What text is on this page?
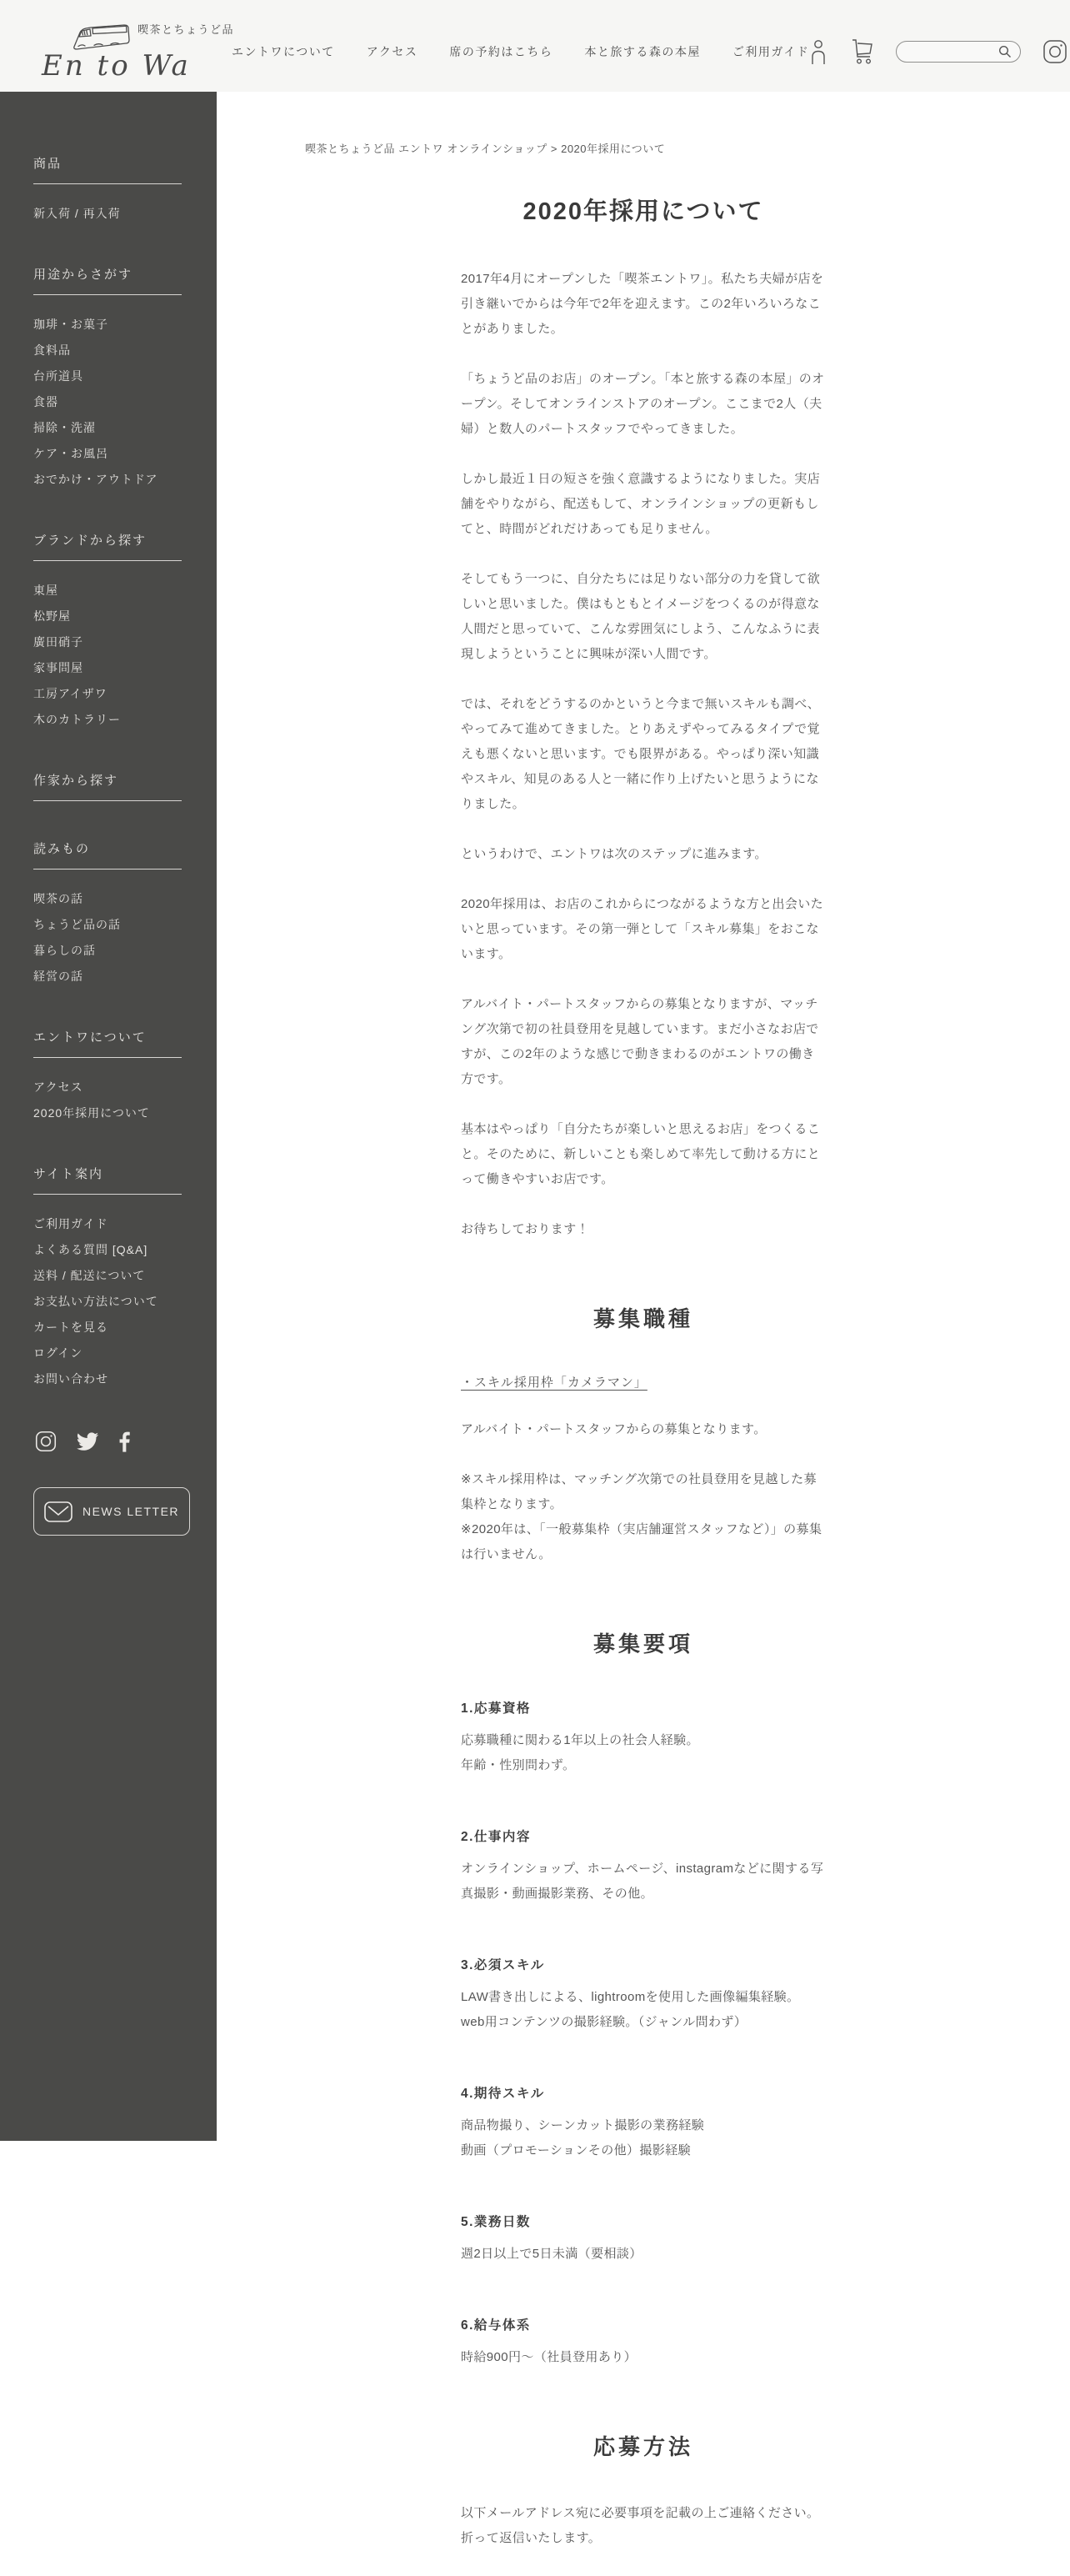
喫茶とちょうど品
En to Wa	エントワについて	アクセス	席の予約はこちら	本と旅する森の本屋	ご利用ガイド
商品
新入荷 / 再入荷
用途からさがす
珈琲・お菓子
食料品
台所道具
食器
掃除・洗濯
ケア・お風呂
おでかけ・アウトドア
ブランドから探す
東屋
松野屋
廣田硝子
家事問屋
工房アイザワ
木のカトラリー
作家から探す
読みもの
喫茶の話
ちょうど品の話
暮らしの話
経営の話
エントワについて
アクセス
2020年採用について
サイト案内
ご利用ガイド
よくある質問 [Q&A]
送料 / 配送について
お支払い方法について
カートを見る
ログイン
お問い合わせ
NEWS LETTER
喫茶とちょうど品 エントワ オンラインショップ > 2020年採用について
2020年採用について

2017年4月にオープンした「喫茶エントワ」。私たち夫婦が店を引き継いでからは今年で2年を迎えます。この2年いろいろなことがありました。

「ちょうど品のお店」のオープン。「本と旅する森の本屋」のオープン。そしてオンラインストアのオープン。ここまで2人（夫婦）と数人のパートスタッフでやってきました。

しかし最近１日の短さを強く意識するようになりました。実店舗をやりながら、配送もして、オンラインショップの更新もしてと、時間がどれだけあっても足りません。

そしてもう一つに、自分たちには足りない部分の力を貸して欲しいと思いました。僕はもともとイメージをつくるのが得意な人間だと思っていて、こんな雰囲気にしよう、こんなふうに表現しようということに興味が深い人間です。

では、それをどうするのかというと今まで無いスキルも調べ、やってみて進めてきました。とりあえずやってみるタイプで覚えも悪くないと思います。でも限界がある。やっぱり深い知識やスキル、知見のある人と一緒に作り上げたいと思うようになりました。

というわけで、エントワは次のステップに進みます。

2020年採用は、お店のこれからにつながるような方と出会いたいと思っています。その第一弾として「スキル募集」をおこないます。

アルバイト・パートスタッフからの募集となりますが、マッチング次第で初の社員登用を見越しています。まだ小さなお店ですが、この2年のような感じで動きまわるのがエントワの働き方です。

基本はやっぱり「自分たちが楽しいと思えるお店」をつくること。そのために、新しいことも楽しめて率先して動ける方にとって働きやすいお店です。

お待ちしております！

募集職種
・スキル採用枠「カメラマン」

アルバイト・パートスタッフからの募集となります。

※スキル採用枠は、マッチング次第での社員登用を見越した募集枠となります。

※2020年は、「一般募集枠（実店舗運営スタッフなど）」の募集は行いません。

募集要項
1.応募資格

応募職種に関わる1年以上の社会人経験。

年齢・性別問わず。

2.仕事内容

オンラインショップ、ホームページ、instagramなどに関する写真撮影・動画撮影業務、その他。

3.必須スキル

LAW書き出しによる、lightroomを使用した画像編集経験。

web用コンテンツの撮影経験。（ジャンル問わず）

4.期待スキル

商品物撮り、シーンカット撮影の業務経験

動画（プロモーションその他）撮影経験

5.業務日数

週2日以上で5日未満（要相談）

6.給与体系

時給900円〜（社員登用あり）

応募方法

以下メールアドレス宛に必要事項を記載の上ご連絡ください。折って返信いたします。
